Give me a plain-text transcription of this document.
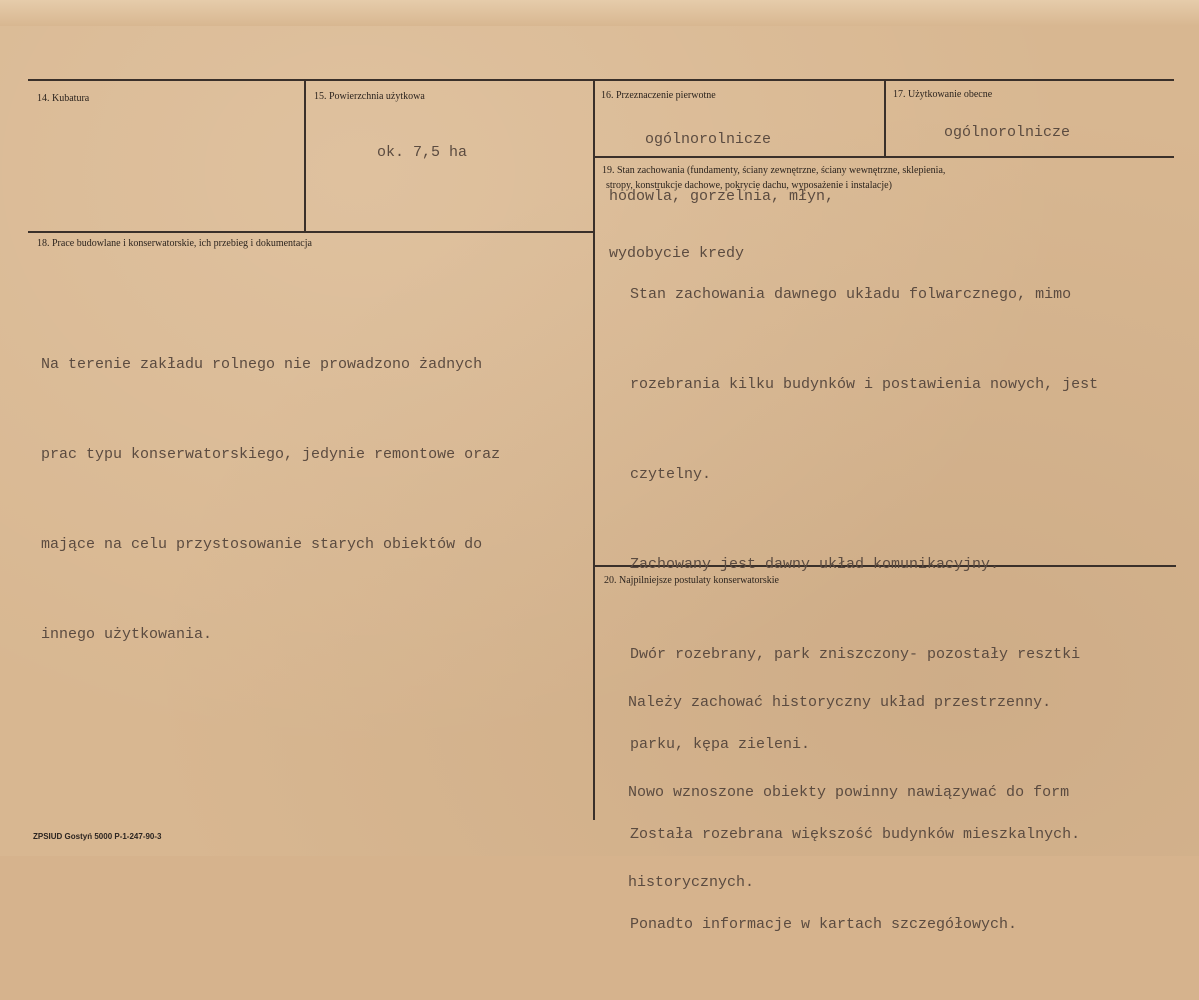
14. Kubatura	15. Powierzchnia użytkowa
ok. 7,5 ha
16. Przeznaczenie pierwotne

ogólnorolnicze

hodowla, gorzelnia, młyn,

wydobycie kredy

17. Użytkowanie obecne
ogólnorolnicze
18. Prace budowlane i konserwatorskie, ich przebieg i dokumentacja

Na terenie zakładu rolnego nie prowadzono żadnych

prac typu konserwatorskiego, jedynie remontowe oraz

mające na celu przystosowanie starych obiektów do

innego użytkowania.

19. Stan zachowania (fundamenty, ściany zewnętrzne, ściany wewnętrzne, sklepienia,
stropy, konstrukcje dachowe, pokrycie dachu, wyposażenie i instalacje)

Stan zachowania dawnego układu folwarcznego, mimo

rozebrania kilku budynków i postawienia nowych, jest

czytelny.

Zachowany jest dawny układ komunikacyjny.

Dwór rozebrany, park zniszczony- pozostały resztki

parku, kępa zieleni.

Została rozebrana większość budynków mieszkalnych.

Ponadto informacje w kartach szczegółowych.

20. Najpilniejsze postulaty konserwatorskie

Należy zachować historyczny układ przestrzenny.

Nowo wznoszone obiekty powinny nawiązywać do form

historycznych.

ZPSIUD Gostyń 5000 P-1-247-90-3
